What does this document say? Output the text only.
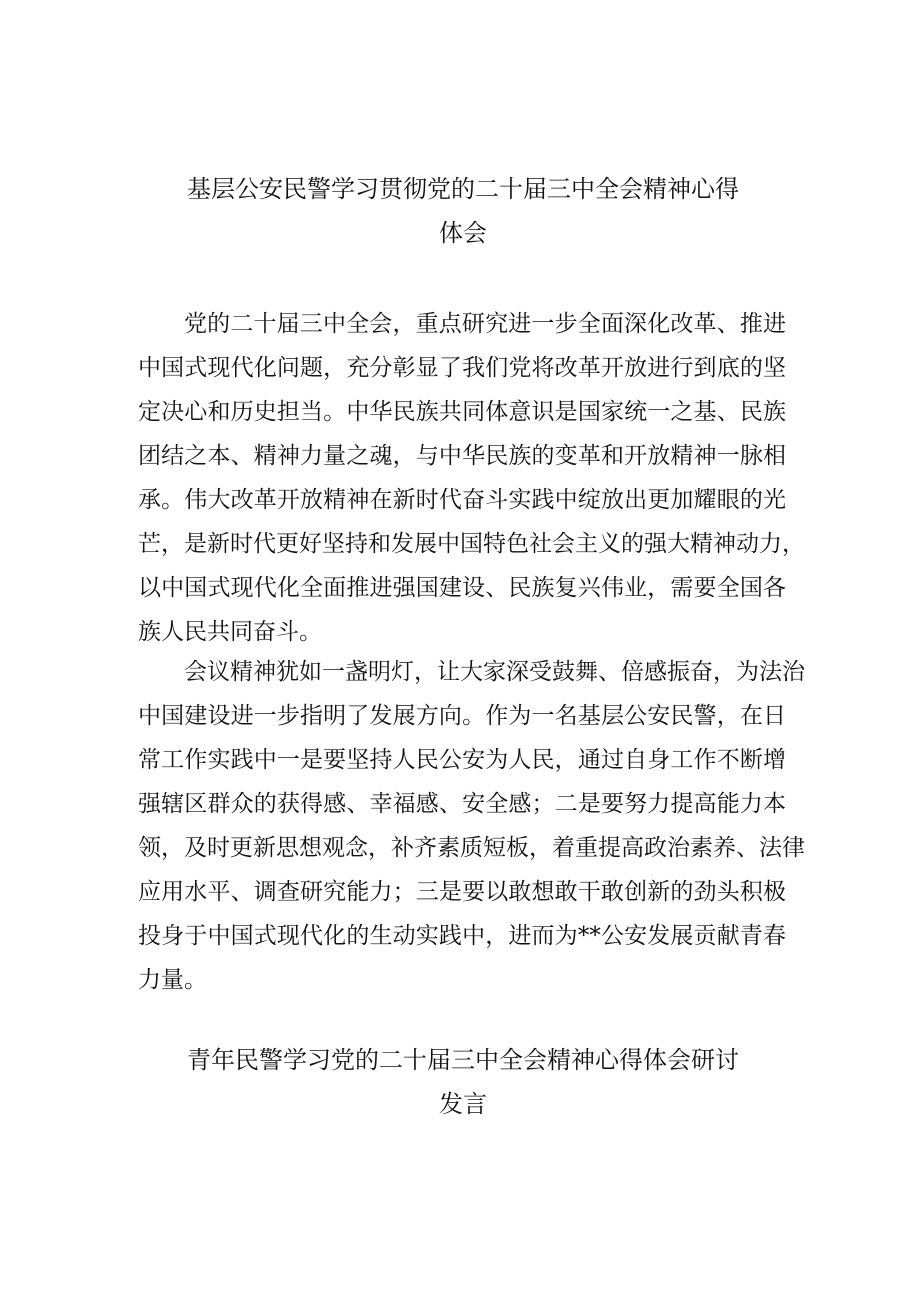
基层公安民警学习贯彻党的二十届三中全会精神心得
体会
党的二十届三中全会，重点研究进一步全面深化改革、推进
中国式现代化问题，充分彰显了我们党将改革开放进行到底的坚
定决心和历史担当。中华民族共同体意识是国家统一之基、民族
团结之本、精神力量之魂，与中华民族的变革和开放精神一脉相
承。伟大改革开放精神在新时代奋斗实践中绽放出更加耀眼的光
芒，是新时代更好坚持和发展中国特色社会主义的强大精神动力，
以中国式现代化全面推进强国建设、民族复兴伟业，需要全国各
族人民共同奋斗。
会议精神犹如一盏明灯，让大家深受鼓舞、倍感振奋，为法治
中国建设进一步指明了发展方向。作为一名基层公安民警，在日
常工作实践中一是要坚持人民公安为人民，通过自身工作不断增
强辖区群众的获得感、幸福感、安全感；二是要努力提高能力本
领，及时更新思想观念，补齐素质短板，着重提高政治素养、法律
应用水平、调查研究能力；三是要以敢想敢干敢创新的劲头积极
投身于中国式现代化的生动实践中，进而为**公安发展贡献青春
力量。
青年民警学习党的二十届三中全会精神心得体会研讨
发言
